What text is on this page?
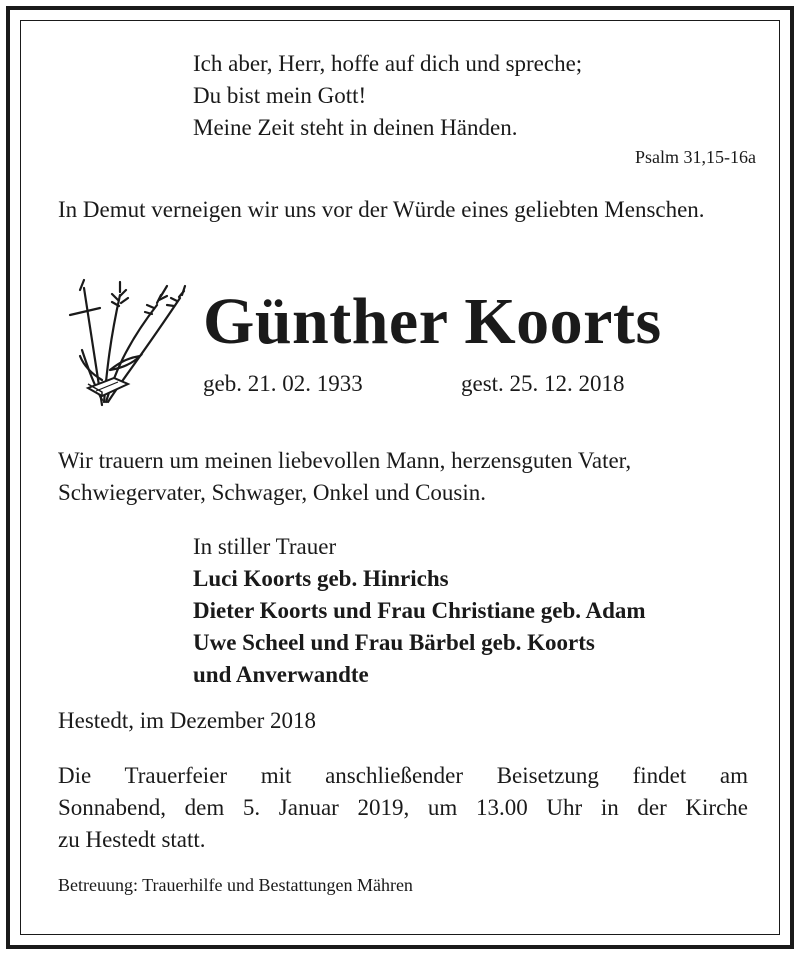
Ich aber, Herr, hoffe auf dich und spreche;
Du bist mein Gott!
Meine Zeit steht in deinen Händen.
Psalm 31,15-16a
In Demut verneigen wir uns vor der Würde eines geliebten Menschen.
Günther Koorts
geb. 21. 02. 1933	gest. 25. 12. 2018
Wir trauern um meinen liebevollen Mann, herzensguten Vater, Schwiegervater, Schwager, Onkel und Cousin.
In stiller Trauer
Luci Koorts geb. Hinrichs
Dieter Koorts und Frau Christiane geb. Adam
Uwe Scheel und Frau Bärbel geb. Koorts
und Anverwandte
Hestedt, im Dezember 2018
Die Trauerfeier mit anschließender Beisetzung findet am
Sonnabend, dem 5. Januar 2019, um 13.00 Uhr in der Kirche
zu Hestedt statt.
Betreuung: Trauerhilfe und Bestattungen Mähren
